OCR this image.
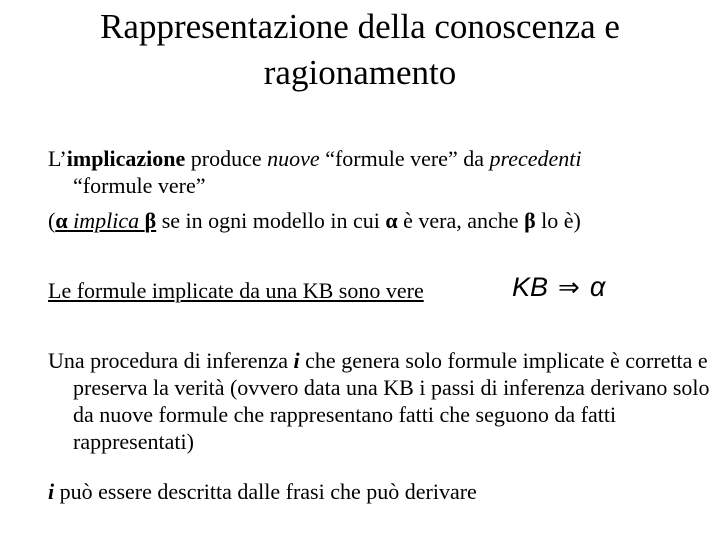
Rappresentazione della conoscenza e
ragionamento
L’implicazione produce nuove “formule vere” da precedenti
“formule vere”
(α implica β se in ogni modello in cui α è vera, anche β lo è)
Le formule implicate da una KB sono vere	KB ⇒ α
Una procedura di inferenza i che genera solo formule implicate è corretta e preserva la verità (ovvero data una KB i passi di inferenza derivano solo da nuove formule che rappresentano fatti che seguono da fatti rappresentati)
i può essere descritta dalle frasi che può derivare
